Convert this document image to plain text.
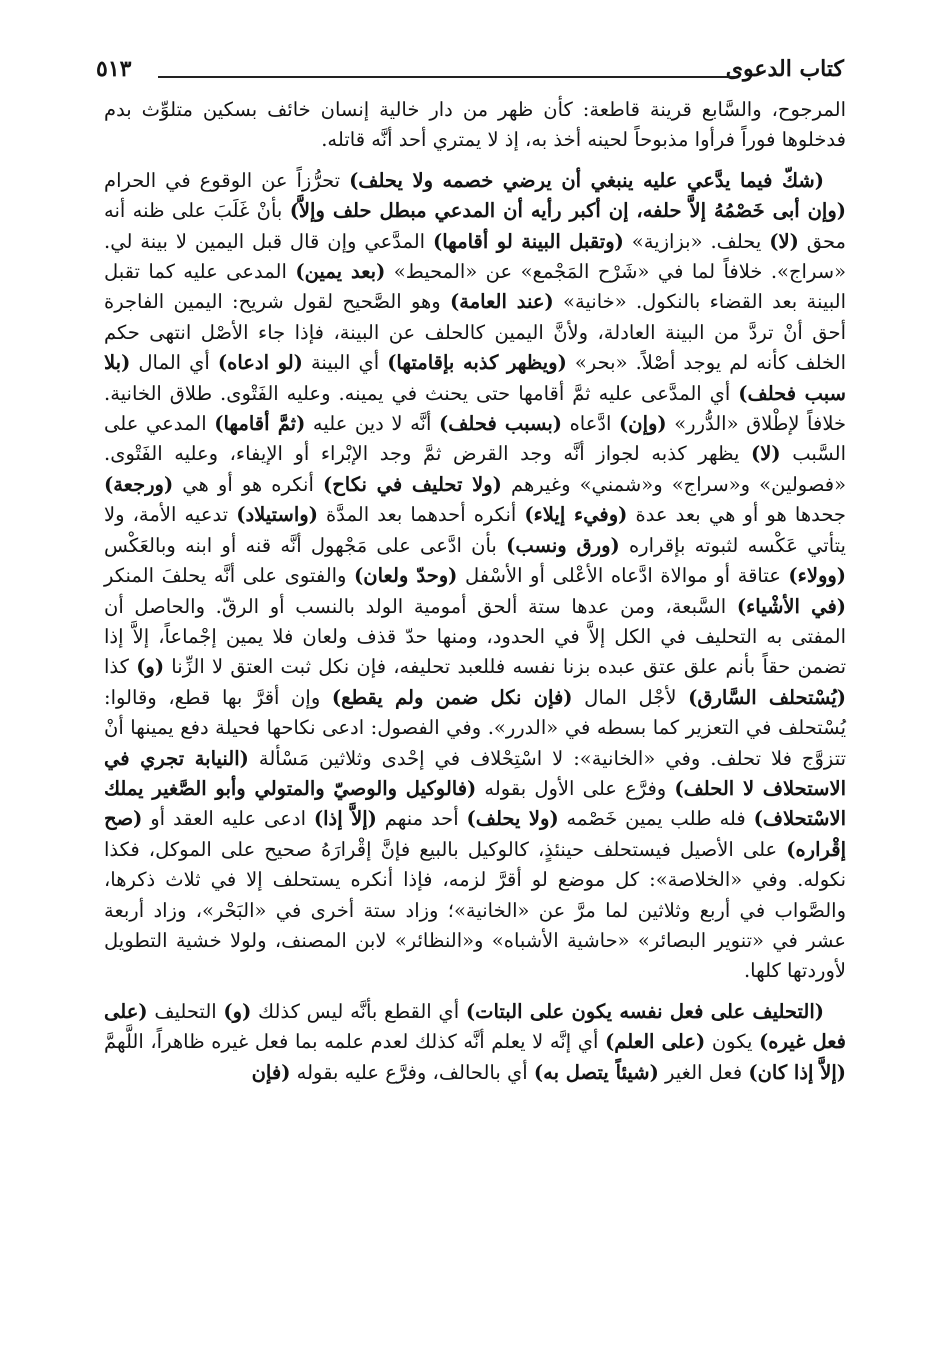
كتاب الدعوى
٥١٣

المرجوح، والسَّابع قرينة قاطعة: كأن ظهر من دار خالية إنسان خائف بسكين متلوِّث بدم فدخلوها فوراً فرأوا مذبوحاً لحينه أخذ به، إذ لا يمتري أحد أنَّه قاتله.

(شكّ فيما يدَّعي عليه ينبغي أن يرضي خصمه ولا يحلف) تحرُّزاً عن الوقوع في الحرام (وإن أبى خَصْمُهُ إلاَّ حلفه، إن أكبر رأيه أن المدعي مبطل حلف وإلاَّ) بأنْ غَلَبَ على ظنه أنه محق (لا) يحلف. «بزازية» (وتقبل البينة لو أقامها) المدَّعي وإن قال قبل اليمين لا بينة لي. «سراج». خلافاً لما في «شَرْح المَجْمع» عن «المحيط» (بعد يمين) المدعى عليه كما تقبل البينة بعد القضاء بالنكول. «خانية» (عند العامة) وهو الصَّحيح لقول شريح: اليمين الفاجرة أحق أنْ تردَّ من البينة العادلة، ولأنَّ اليمين كالحلف عن البينة، فإذا جاء الأصْل انتهى حكم الخلف كأنه لم يوجد أصْلاً. «بحر» (ويظهر كذبه بإقامتها) أي البينة (لو ادعاه) أي المال (بلا سبب فحلف) أي المدَّعى عليه ثمَّ أقامها حتى يحنث في يمينه. وعليه الفَتْوى. طلاق الخانية. خلافاً لإطْلاق «الدُّرر» (وإن) ادَّعاه (بسبب فحلف) أنَّه لا دين عليه (ثمَّ أقامها) المدعي على السَّبب (لا) يظهر كذبه لجواز أنَّه وجد القرض ثمَّ وجد الإبْراء أو الإيفاء، وعليه الفَتْوى. «فصولين» و«سراج» و«شمني» وغيرهم (ولا تحليف في نكاح) أنكره هو أو هي (ورجعة) جحدها هو أو هي بعد عدة (وفيء إيلاء) أنكره أحدهما بعد المدَّة (واستيلاد) تدعيه الأمة، ولا يتأتي عَكْسه لثبوته بإقراره (ورق ونسب) بأن ادَّعى على مَجْهول أنَّه قنه أو ابنه وبالعَكْس (وولاء) عتاقة أو موالاة ادَّعاه الأعْلى أو الأسْفل (وحدّ ولعان) والفتوى على أنَّه يحلفَ المنكر (في الأشْياء) السَّبعة، ومن عدها ستة ألحق أمومية الولد بالنسب أو الرقّ. والحاصل أن المفتى به التحليف في الكل إلاَّ في الحدود، ومنها حدّ قذف ولعان فلا يمين إجْماعاً، إلاَّ إذا تضمن حقاً بأنم علق عتق عبده بزنا نفسه فللعبد تحليفه، فإن نكل ثبت العتق لا الزِّنا (و) كذا (يُسْتحلف السَّارق) لأجْل المال (فإن نكل ضمن ولم يقطع) وإن أقرَّ بها قطع، وقالوا: يُسْتحلف في التعزير كما بسطه في «الدرر». وفي الفصول: ادعى نكاحها فحيلة دفع يمينها أنْ تتزوَّج فلا تحلف. وفي «الخانية»: لا اسْتِحْلاف في إحْدى وثلاثين مَسْألة (النيابة تجري في الاستحلاف لا الحلف) وفرَّع على الأول بقوله (فالوكيل والوصيّ والمتولي وأبو الصَّغير يملك الاسْتحلاف) فله طلب يمين خَصْمه (ولا يحلف) أحد منهم (إلاَّ إذا) ادعى عليه العقد أو (صح إقْراره) على الأصيل فيستحلف حينئذٍ، كالوكيل بالبيع فإنَّ إقْرارَهُ صحيح على الموكل، فكذا نكوله. وفي «الخلاصة»: كل موضع لو أقرَّ لزمه، فإذا أنكره يستحلف إلا في ثلاث ذكرها، والصَّواب في أربع وثلاثين لما مرَّ عن «الخانية»؛ وزاد ستة أخرى في «البَحْر»، وزاد أربعة عشر في «تنوير البصائر» «حاشية الأشباه» و«النظائر» لابن المصنف، ولولا خشية التطويل لأوردتها كلها.

(التحليف على فعل نفسه يكون على البتات) أي القطع بأنَّه ليس كذلك (و) التحليف (على فعل غيره) يكون (على العلم) أي إنَّه لا يعلم أنَّه كذلك لعدم علمه بما فعل غيره ظاهراً، اللَّهمَّ (إلاَّ إذا كان) فعل الغير (شيئاً يتصل به) أي بالحالف، وفرَّع عليه بقوله (فإن
